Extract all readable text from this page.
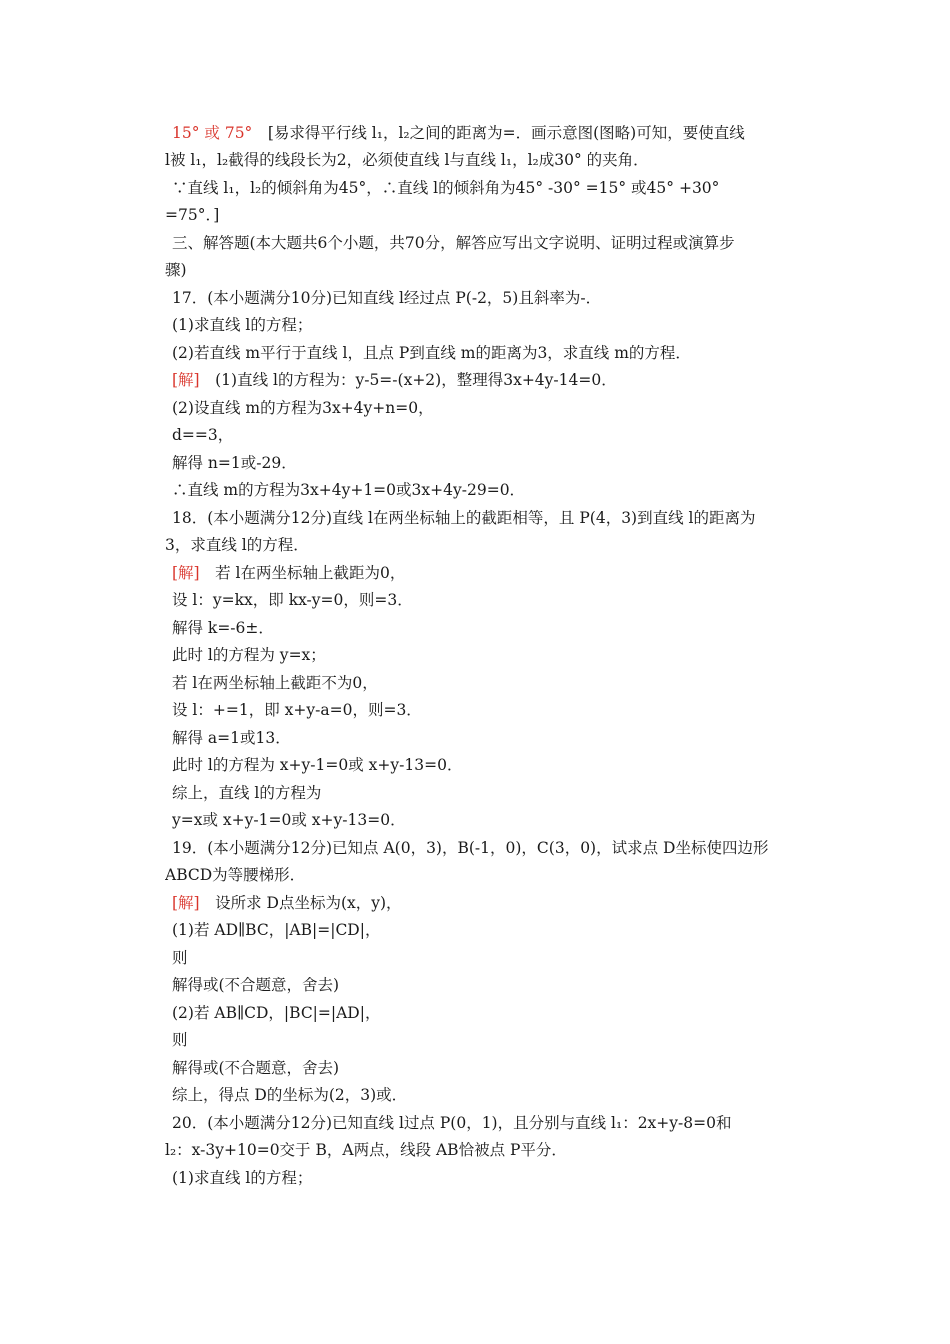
15° 或 75°　[易求得平行线 l₁，l₂之间的距离为=．画示意图(图略)可知，要使直线
l被 l₁，l₂截得的线段长为2，必须使直线 l与直线 l₁，l₂成30° 的夹角．
∵直线 l₁，l₂的倾斜角为45°，∴直线 l的倾斜角为45° -30° =15° 或45° +30°
=75°．]
三、解答题(本大题共6个小题，共70分，解答应写出文字说明、证明过程或演算步
骤)
17．(本小题满分10分)已知直线 l经过点 P(-2，5)且斜率为-．
(1)求直线 l的方程；
(2)若直线 m平行于直线 l，且点 P到直线 m的距离为3，求直线 m的方程．
[解]　(1)直线 l的方程为：y-5=-(x+2)，整理得3x+4y-14=0．
(2)设直线 m的方程为3x+4y+n=0，
d==3，
解得 n=1或-29．
∴直线 m的方程为3x+4y+1=0或3x+4y-29=0．
18．(本小题满分12分)直线 l在两坐标轴上的截距相等，且 P(4，3)到直线 l的距离为
3，求直线 l的方程．
[解]　若 l在两坐标轴上截距为0，
设 l：y=kx，即 kx-y=0，则=3．
解得 k=-6±．
此时 l的方程为 y=x；
若 l在两坐标轴上截距不为0，
设 l：+=1，即 x+y-a=0，则=3．
解得 a=1或13．
此时 l的方程为 x+y-1=0或 x+y-13=0．
综上，直线 l的方程为
y=x或 x+y-1=0或 x+y-13=0．
19．(本小题满分12分)已知点 A(0，3)，B(-1，0)，C(3，0)，试求点 D坐标使四边形
ABCD为等腰梯形．
[解]　设所求 D点坐标为(x，y)，
(1)若 AD∥BC，|AB|=|CD|，
则
解得或(不合题意，舍去)
(2)若 AB∥CD，|BC|=|AD|，
则
解得或(不合题意，舍去)
综上，得点 D的坐标为(2，3)或．
20．(本小题满分12分)已知直线 l过点 P(0，1)，且分别与直线 l₁：2x+y-8=0和
l₂：x-3y+10=0交于 B，A两点，线段 AB恰被点 P平分．
(1)求直线 l的方程；
